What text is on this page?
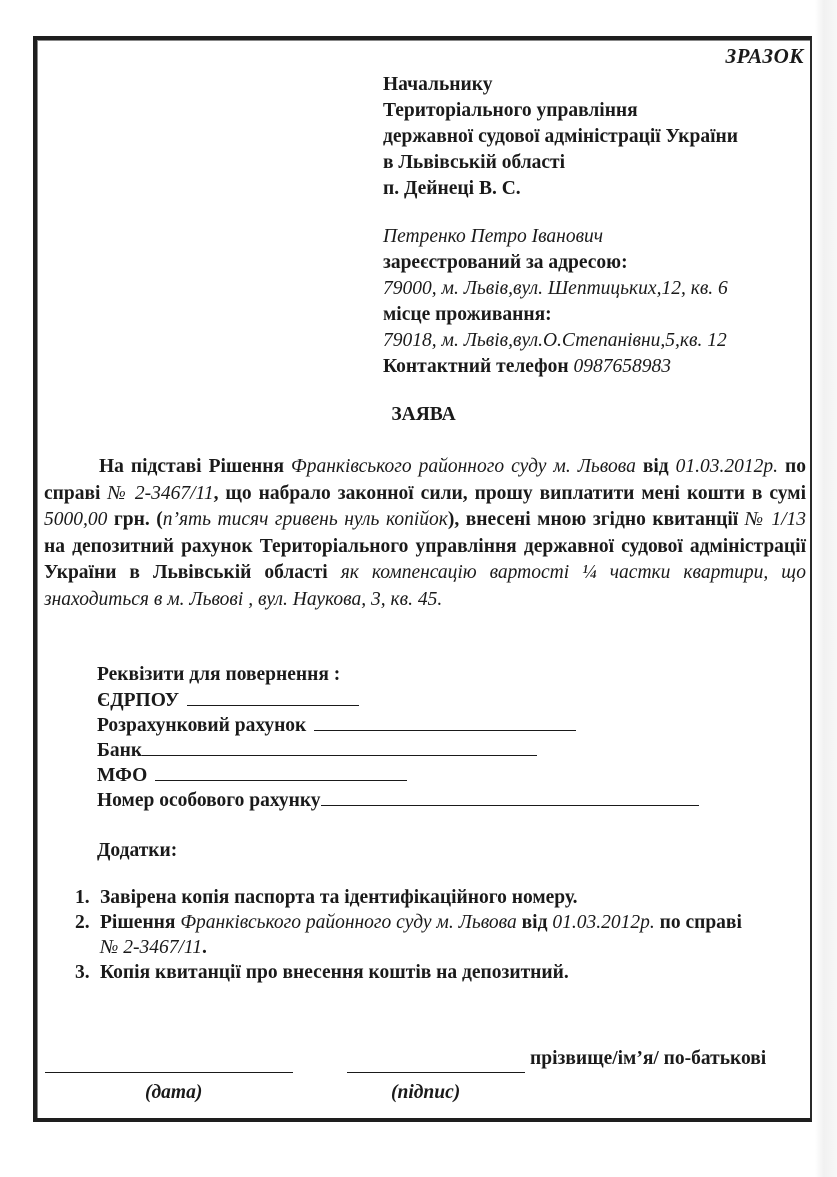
ЗРАЗОК
Начальнику
Територіального управління
державної судової адміністрації України
в Львівській області
п. Дейнеці В. С.
Петренко Петро Іванович
зареєстрований за адресою:
79000, м. Львів,вул. Шептицьких,12, кв. 6
місце проживання:
79018, м. Львів,вул.О.Степанівни,5,кв. 12
Контактний телефон 0987658983
ЗАЯВА

На підставі Рішення Франківського районного суду м. Львова від 01.03.2012р. по справі № 2-3467/11, що набрало законної сили, прошу виплатити мені кошти в сумі 5000,00 грн. (п’ять тисяч гривень нуль копійок), внесені мною згідно квитанції № 1/13 на депозитний рахунок Територіального управління державної судової адміністрації України в Львівській області як компенсацію вартості ¼ частки квартири, що знаходиться в м. Львові , вул. Наукова, 3, кв. 45.

Реквізити для повернення :
ЄДРПОУ
Розрахунковий рахунок
Банк
МФО
Номер особового рахунку
Додатки:
1. Завірена копія паспорта та ідентифікаційного номеру.
2. Рішення Франківського районного суду м. Львова від 01.03.2012р. по справі
№ 2-3467/11.
3. Копія квитанції про внесення коштів на депозитний.
прізвище/ім’я/ по-батькові
(дата)	(підпис)
